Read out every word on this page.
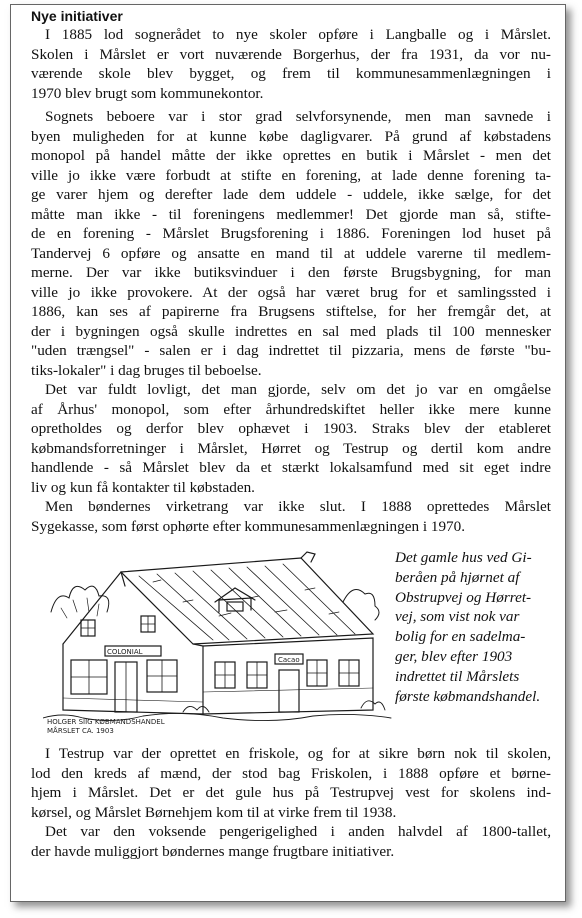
Nye initiativer
I 1885 lod sognerådet to nye skoler opføre i Langballe og i Mårslet.
Skolen i Mårslet er vort nuværende Borgerhus, der fra 1931, da vor nu-
værende skole blev bygget, og frem til kommunesammenlægningen i
1970 blev brugt som kommunekontor.
Sognets beboere var i stor grad selvforsynende, men man savnede i
byen muligheden for at kunne købe dagligvarer. På grund af købstadens
monopol på handel måtte der ikke oprettes en butik i Mårslet - men det
ville jo ikke være forbudt at stifte en forening, at lade denne forening ta-
ge varer hjem og derefter lade dem uddele - uddele, ikke sælge, for det
måtte man ikke - til foreningens medlemmer! Det gjorde man så, stifte-
de en forening - Mårslet Brugsforening i 1886. Foreningen lod huset på
Tandervej 6 opføre og ansatte en mand til at uddele varerne til medlem-
merne. Der var ikke butiksvinduer i den første Brugsbygning, for man
ville jo ikke provokere. At der også har været brug for et samlingssted i
1886, kan ses af papirerne fra Brugsens stiftelse, for her fremgår det, at
der i bygningen også skulle indrettes en sal med plads til 100 mennesker
"uden trængsel" - salen er i dag indrettet til pizzaria, mens de første "bu-
tiks-lokaler" i dag bruges til beboelse.
Det var fuldt lovligt, det man gjorde, selv om det jo var en omgåelse
af Århus' monopol, som efter århundredskiftet heller ikke mere kunne
opretholdes og derfor blev ophævet i 1903. Straks blev der etableret
købmandsforretninger i Mårslet, Hørret og Testrup og dertil kom andre
handlende - så Mårslet blev da et stærkt lokalsamfund med sit eget indre
liv og kun få kontakter til købstaden.
Men bøndernes virketrang var ikke slut. I 1888 oprettedes Mårslet
Sygekasse, som først ophørte efter kommunesammenlægningen i 1970.
COLONIAL
Cacao
HOLGER SIIG KØBMANDSHANDEL
MÅRSLET CA. 1903
Det gamle hus ved Gi-
beråen på hjørnet af
Obstrupvej og Hørret-
vej, som vist nok var
bolig for en sadelma-
ger, blev efter 1903
indrettet til Mårslets
første købmandshandel.
I Testrup var der oprettet en friskole, og for at sikre børn nok til skolen,
lod den kreds af mænd, der stod bag Friskolen, i 1888 opføre et børne-
hjem i Mårslet. Det er det gule hus på Testrupvej vest for skolens ind-
kørsel, og Mårslet Børnehjem kom til at virke frem til 1938.
Det var den voksende pengerigelighed i anden halvdel af 1800-tallet,
der havde muliggjort bøndernes mange frugtbare initiativer.
